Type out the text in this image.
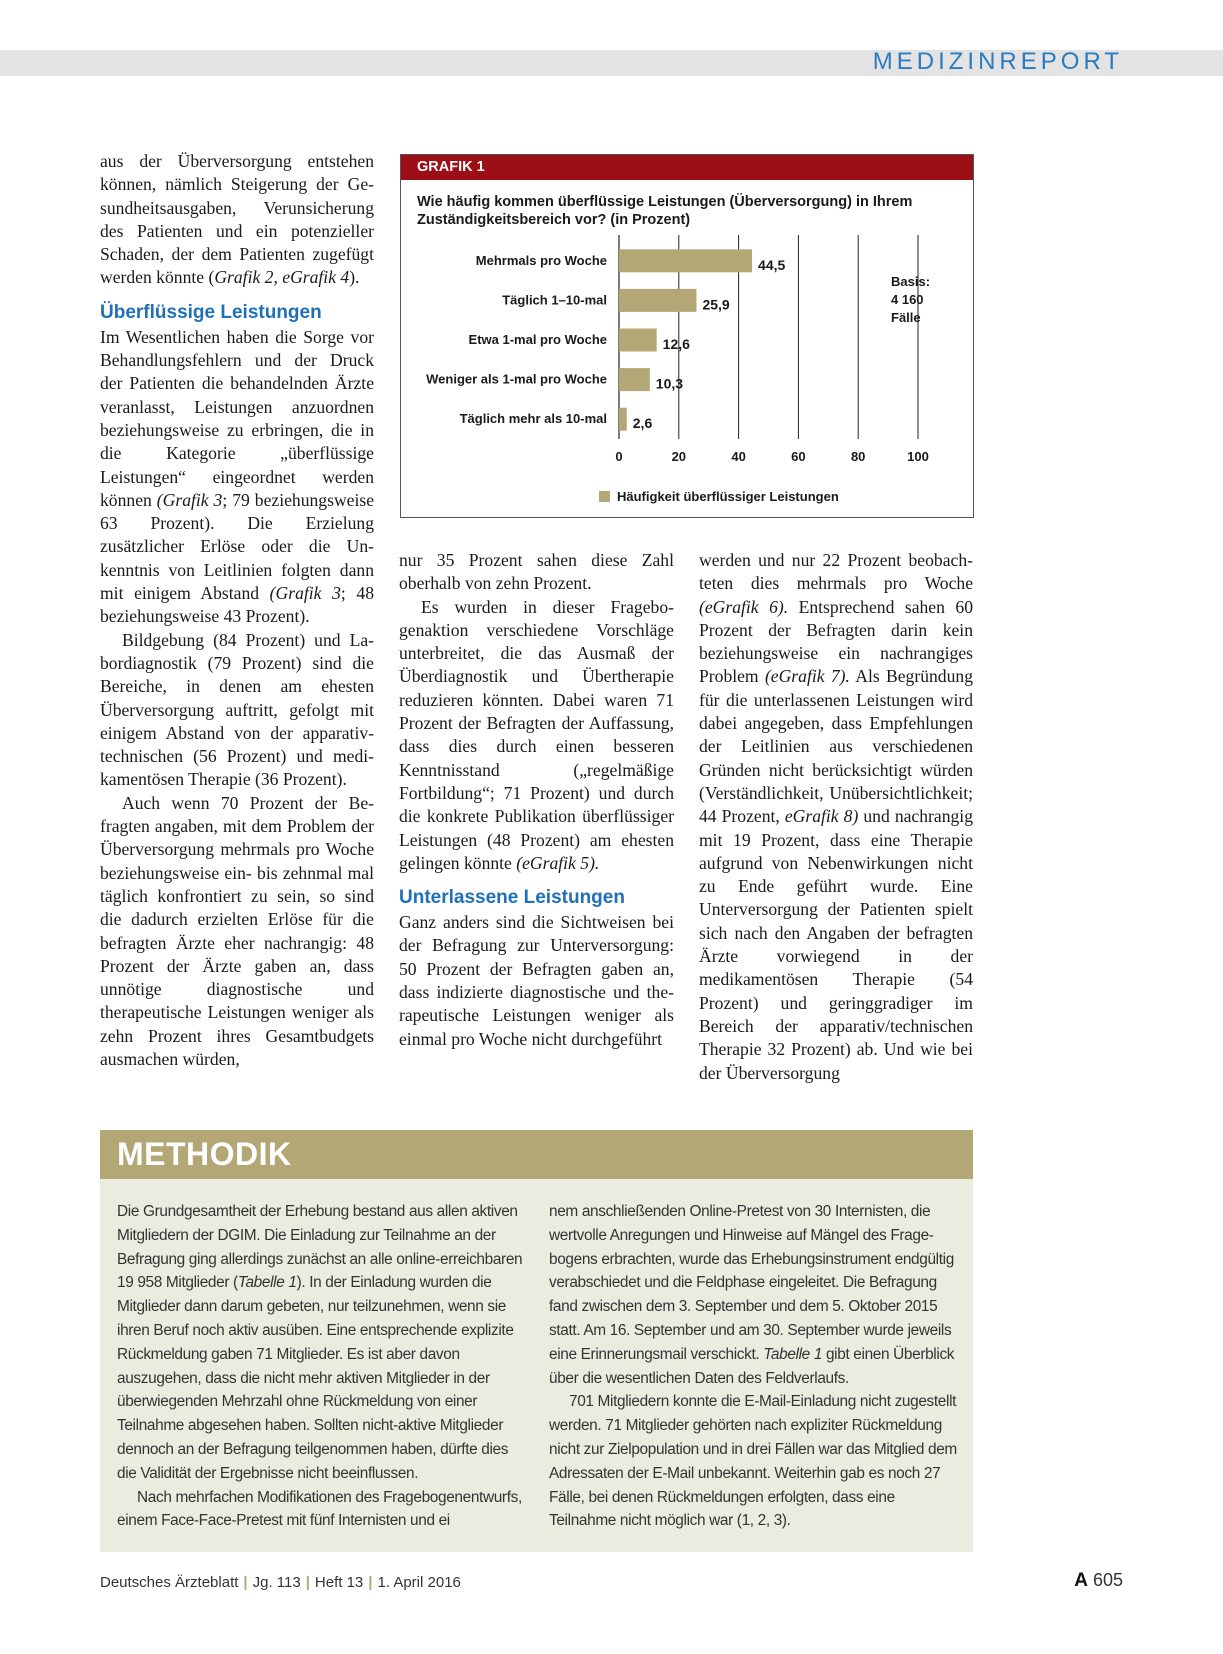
MEDIZINREPORT

aus der Überversorgung entstehen können, nämlich Steigerung der Gesundheitsausgaben, Verunsicherung des Patienten und ein potenzieller Schaden, der dem Patienten zugefügt werden könnte (Grafik 2, eGrafik 4).

Überflüssige Leistungen

Im Wesentlichen haben die Sorge vor Behandlungsfehlern und der Druck der Patienten die behandelnden Ärzte veranlasst, Leistungen anzuordnen beziehungsweise zu erbringen, die in die Kategorie „überflüssige Leistungen“ eingeordnet werden können (Grafik 3; 79 beziehungsweise 63 Prozent). Die Erzielung zusätzlicher Erlöse oder die Unkenntnis von Leitlinien folgten dann mit einigem Abstand (Grafik 3; 48 beziehungsweise 43 Prozent).

Bildgebung (84 Prozent) und Labordiagnostik (79 Prozent) sind die Bereiche, in denen am ehesten Überversorgung auftritt, gefolgt mit einigem Abstand von der apparativ-technischen (56 Prozent) und medikamentösen Therapie (36 Prozent).

Auch wenn 70 Prozent der Befragten angaben, mit dem Problem der Überversorgung mehrmals pro Woche beziehungsweise ein- bis zehnmal mal täglich konfrontiert zu sein, so sind die dadurch erzielten Erlöse für die befragten Ärzte eher nachrangig: 48 Prozent der Ärzte gaben an, dass unnötige diagnostische und therapeutische Leistungen weniger als zehn Prozent ihres Gesamtbudgets ausmachen würden,

GRAFIK 1
Wie häufig kommen überflüssige Leistungen (Überversorgung) in Ihrem Zuständigkeitsbereich vor? (in Prozent)
Mehrmals pro Woche	44,5
Täglich 1–10-mal	25,9
Etwa 1-mal pro Woche	12,6
Weniger als 1-mal pro Woche	10,3
Täglich mehr als 10-mal 2,6
0	20	40	60	80	100
Basis:
4 160
Fälle
Häufigkeit überflüssiger Leistungen

nur 35 Prozent sahen diese Zahl oberhalb von zehn Prozent.

Es wurden in dieser Fragebogenaktion verschiedene Vorschläge unterbreitet, die das Ausmaß der Überdiagnostik und Übertherapie reduzieren könnten. Dabei waren 71 Prozent der Befragten der Auffassung, dass dies durch einen besseren Kenntnisstand („regelmäßige Fortbildung“; 71 Prozent) und durch die konkrete Publikation überflüssiger Leistungen (48 Prozent) am ehesten gelingen könnte (eGrafik 5).

Unterlassene Leistungen

Ganz anders sind die Sichtweisen bei der Befragung zur Unterversorgung: 50 Prozent der Befragten gaben an, dass indizierte diagnostische und therapeutische Leistungen weniger als einmal pro Woche nicht durchgeführt

werden und nur 22 Prozent beobachteten dies mehrmals pro Woche (eGrafik 6). Entsprechend sahen 60 Prozent der Befragten darin kein beziehungsweise ein nachrangiges Problem (eGrafik 7). Als Begründung für die unterlassenen Leistungen wird dabei angegeben, dass Empfehlungen der Leitlinien aus verschiedenen Gründen nicht berücksichtigt würden (Verständlichkeit, Unübersichtlichkeit; 44 Prozent, eGrafik 8) und nachrangig mit 19 Prozent, dass eine Therapie aufgrund von Nebenwirkungen nicht zu Ende geführt wurde. Eine Unterversorgung der Patienten spielt sich nach den Angaben der befragten Ärzte vorwiegend in der medikamentösen Therapie (54 Prozent) und geringgradiger im Bereich der apparativ/technischen Therapie 32 Prozent) ab. Und wie bei der Überversorgung

METHODIK

Die Grundgesamtheit der Erhebung bestand aus allen aktiven Mitgliedern der DGIM. Die Einladung zur Teilnahme an der Befragung ging allerdings zunächst an alle online-erreichbaren 19 958 Mitglieder (Tabelle 1). In der Einladung wurden die Mitglieder dann darum gebeten, nur teilzunehmen, wenn sie ihren Beruf noch aktiv ausüben. Eine entsprechende explizite Rückmeldung gaben 71 Mitglieder. Es ist aber davon auszugehen, dass die nicht mehr aktiven Mitglieder in der überwiegenden Mehrzahl ohne Rückmeldung von einer Teilnahme abgesehen haben. Sollten nicht-aktive Mitglieder dennoch an der Befragung teilgenommen haben, dürfte dies die Validität der Ergebnisse nicht beeinflussen.

Nach mehrfachen Modifikationen des Fragebogenentwurfs, einem Face-Face-Pretest mit fünf Internisten und ei

nem anschließenden Online-Pretest von 30 Internisten, die wertvolle Anregungen und Hinweise auf Mängel des Fragebogens erbrachten, wurde das Erhebungsinstrument endgültig verabschiedet und die Feldphase eingeleitet. Die Befragung fand zwischen dem 3. September und dem 5. Oktober 2015 statt. Am 16. September und am 30. September wurde jeweils eine Erinnerungsmail verschickt. Tabelle 1 gibt einen Überblick über die wesentlichen Daten des Feldverlaufs.

701 Mitgliedern konnte die E-Mail-Einladung nicht zugestellt werden. 71 Mitglieder gehörten nach expliziter Rückmeldung nicht zur Zielpopulation und in drei Fällen war das Mitglied dem Adressaten der E-Mail unbekannt. Weiterhin gab es noch 27 Fälle, bei denen Rückmeldungen erfolgten, dass eine Teilnahme nicht möglich war (1, 2, 3).

Deutsches Ärzteblatt | Jg. 113 | Heft 13 | 1. April 2016	A 605
